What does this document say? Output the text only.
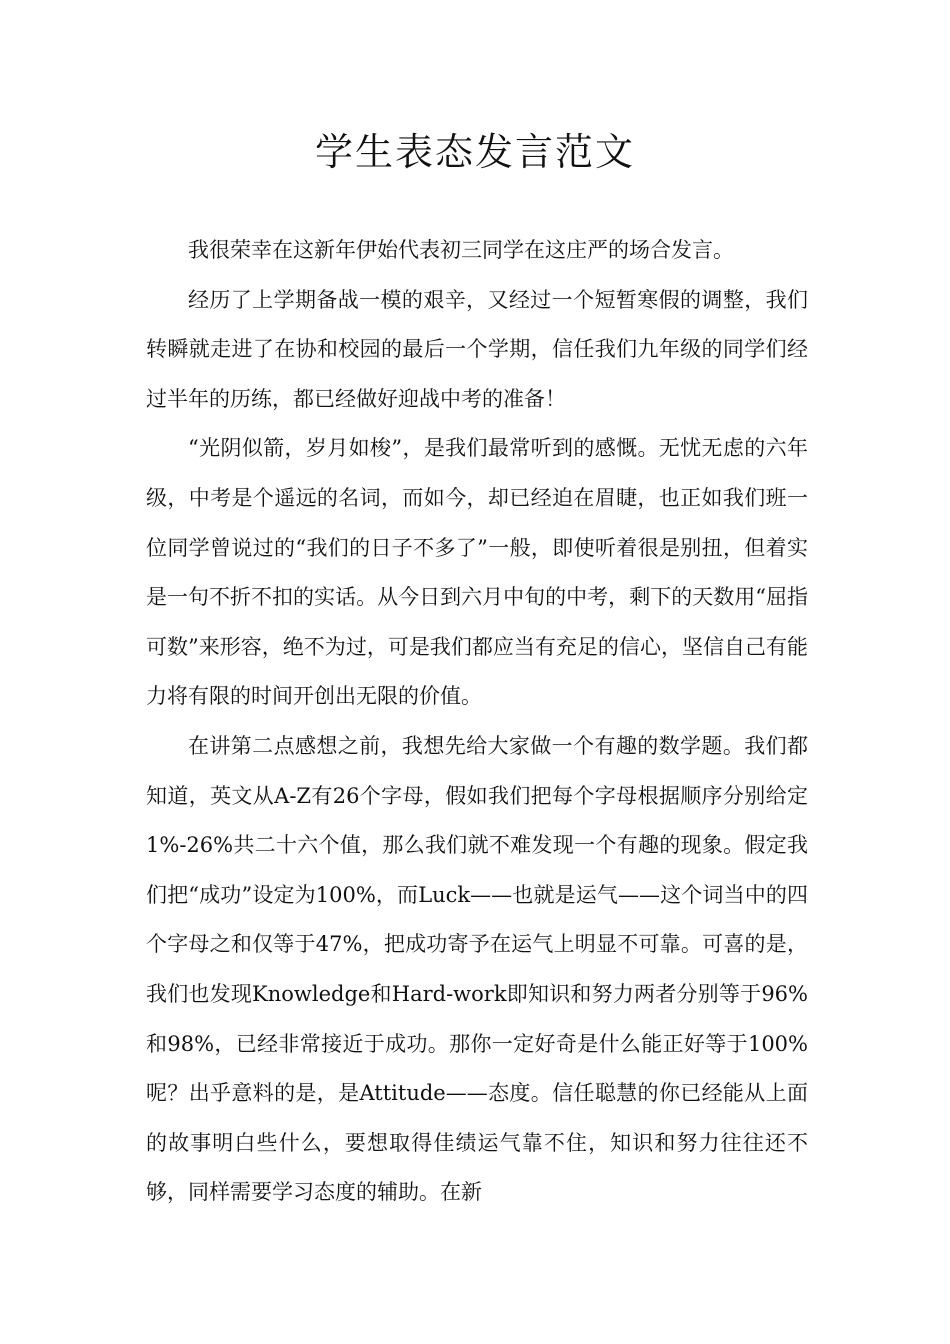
学生表态发言范文

我很荣幸在这新年伊始代表初三同学在这庄严的场合发言。

经历了上学期备战一模的艰辛，又经过一个短暂寒假的调整，我们转瞬就走进了在协和校园的最后一个学期，信任我们九年级的同学们经过半年的历练，都已经做好迎战中考的准备！

“光阴似箭，岁月如梭”，是我们最常听到的感慨。无忧无虑的六年级，中考是个遥远的名词，而如今，却已经迫在眉睫，也正如我们班一位同学曾说过的“我们的日子不多了”一般，即使听着很是别扭，但着实是一句不折不扣的实话。从今日到六月中旬的中考，剩下的天数用“屈指可数”来形容，绝不为过，可是我们都应当有充足的信心，坚信自己有能力将有限的时间开创出无限的价值。

在讲第二点感想之前，我想先给大家做一个有趣的数学题。我们都知道，英文从A-Z有26个字母，假如我们把每个字母根据顺序分别给定1%-26%共二十六个值，那么我们就不难发现一个有趣的现象。假定我们把“成功”设定为100%，而Luck——也就是运气——这个词当中的四个字母之和仅等于47%，把成功寄予在运气上明显不可靠。可喜的是，我们也发现Knowledge和Hard-work即知识和努力两者分别等于96%和98%，已经非常接近于成功。那你一定好奇是什么能正好等于100%呢？出乎意料的是，是Attitude——态度。信任聪慧的你已经能从上面的故事明白些什么，要想取得佳绩运气靠不住，知识和努力往往还不够，同样需要学习态度的辅助。在新
